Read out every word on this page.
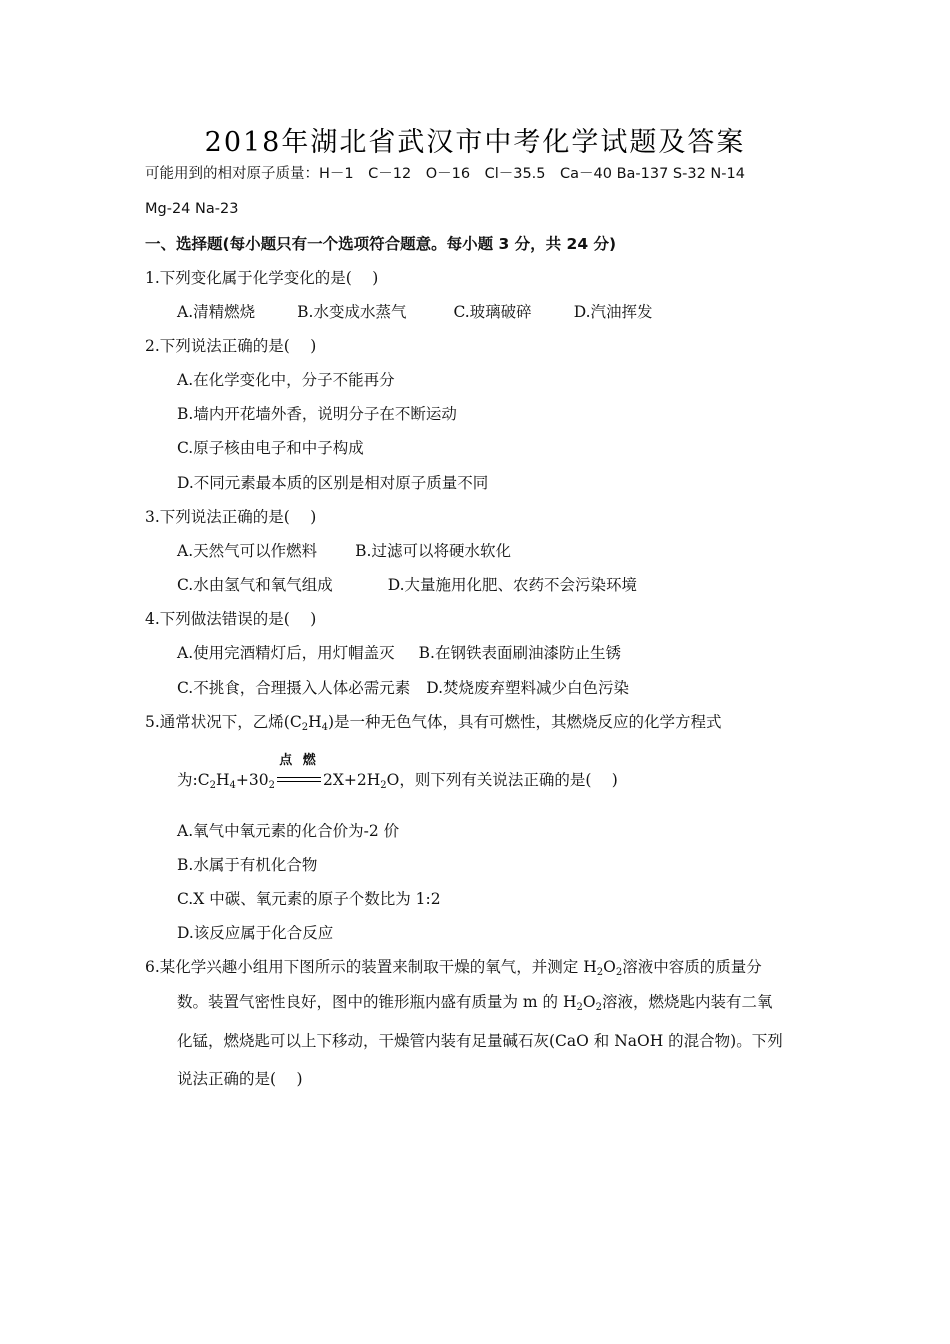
2018年湖北省武汉市中考化学试题及答案
可能用到的相对原子质量：H－1　C－12　O－16　Cl－35.5　Ca－40 Ba-137 S-32 N-14
Mg-24 Na-23
一、选择题(每小题只有一个选项符合题意。每小题 3 分，共 24 分)
1.下列变化属于化学变化的是(　 )
A.清精燃烧	B.水变成水蒸气	C.玻璃破碎	D.汽油挥发
2.下列说法正确的是(　 )
A.在化学变化中，分子不能再分
B.墙内开花墙外香，说明分子在不断运动
C.原子核由电子和中子构成
D.不同元素最本质的区别是相对原子质量不同
3.下列说法正确的是(　 )
A.天然气可以作燃料 B.过滤可以将硬水软化
C.水由氢气和氧气组成	D.大量施用化肥、农药不会污染环境
4.下列做法错误的是(　 )
A.使用完酒精灯后，用灯帽盖灭 B.在钢铁表面刷油漆防止生锈
C.不挑食，合理摄入人体必需元素 D.焚烧废弃塑料减少白色污染
5.通常状况下，乙烯$(C_2H_4)$是一种无色气体，具有可燃性，其燃烧反应的化学方程式
为$:C_2H_4+30_2$
点 燃
$2X+2H_2O$，则下列有关说法正确的是(　 )
A.氧气中氧元素的化合价为-2 价
B.水属于有机化合物
C.X 中碳、氧元素的原子个数比为 1:2
D.该反应属于化合反应
6.某化学兴趣小组用下图所示的装置来制取干燥的氧气，并测定 $H_2O_2$溶液中容质的质量分
数。装置气密性良好，图中的锥形瓶内盛有质量为 m 的 $H_2O_2$溶液，燃烧匙内装有二氧
化锰，燃烧匙可以上下移动，干燥管内装有足量碱石灰(CaO 和 NaOH 的混合物)。下列
说法正确的是(　 )
